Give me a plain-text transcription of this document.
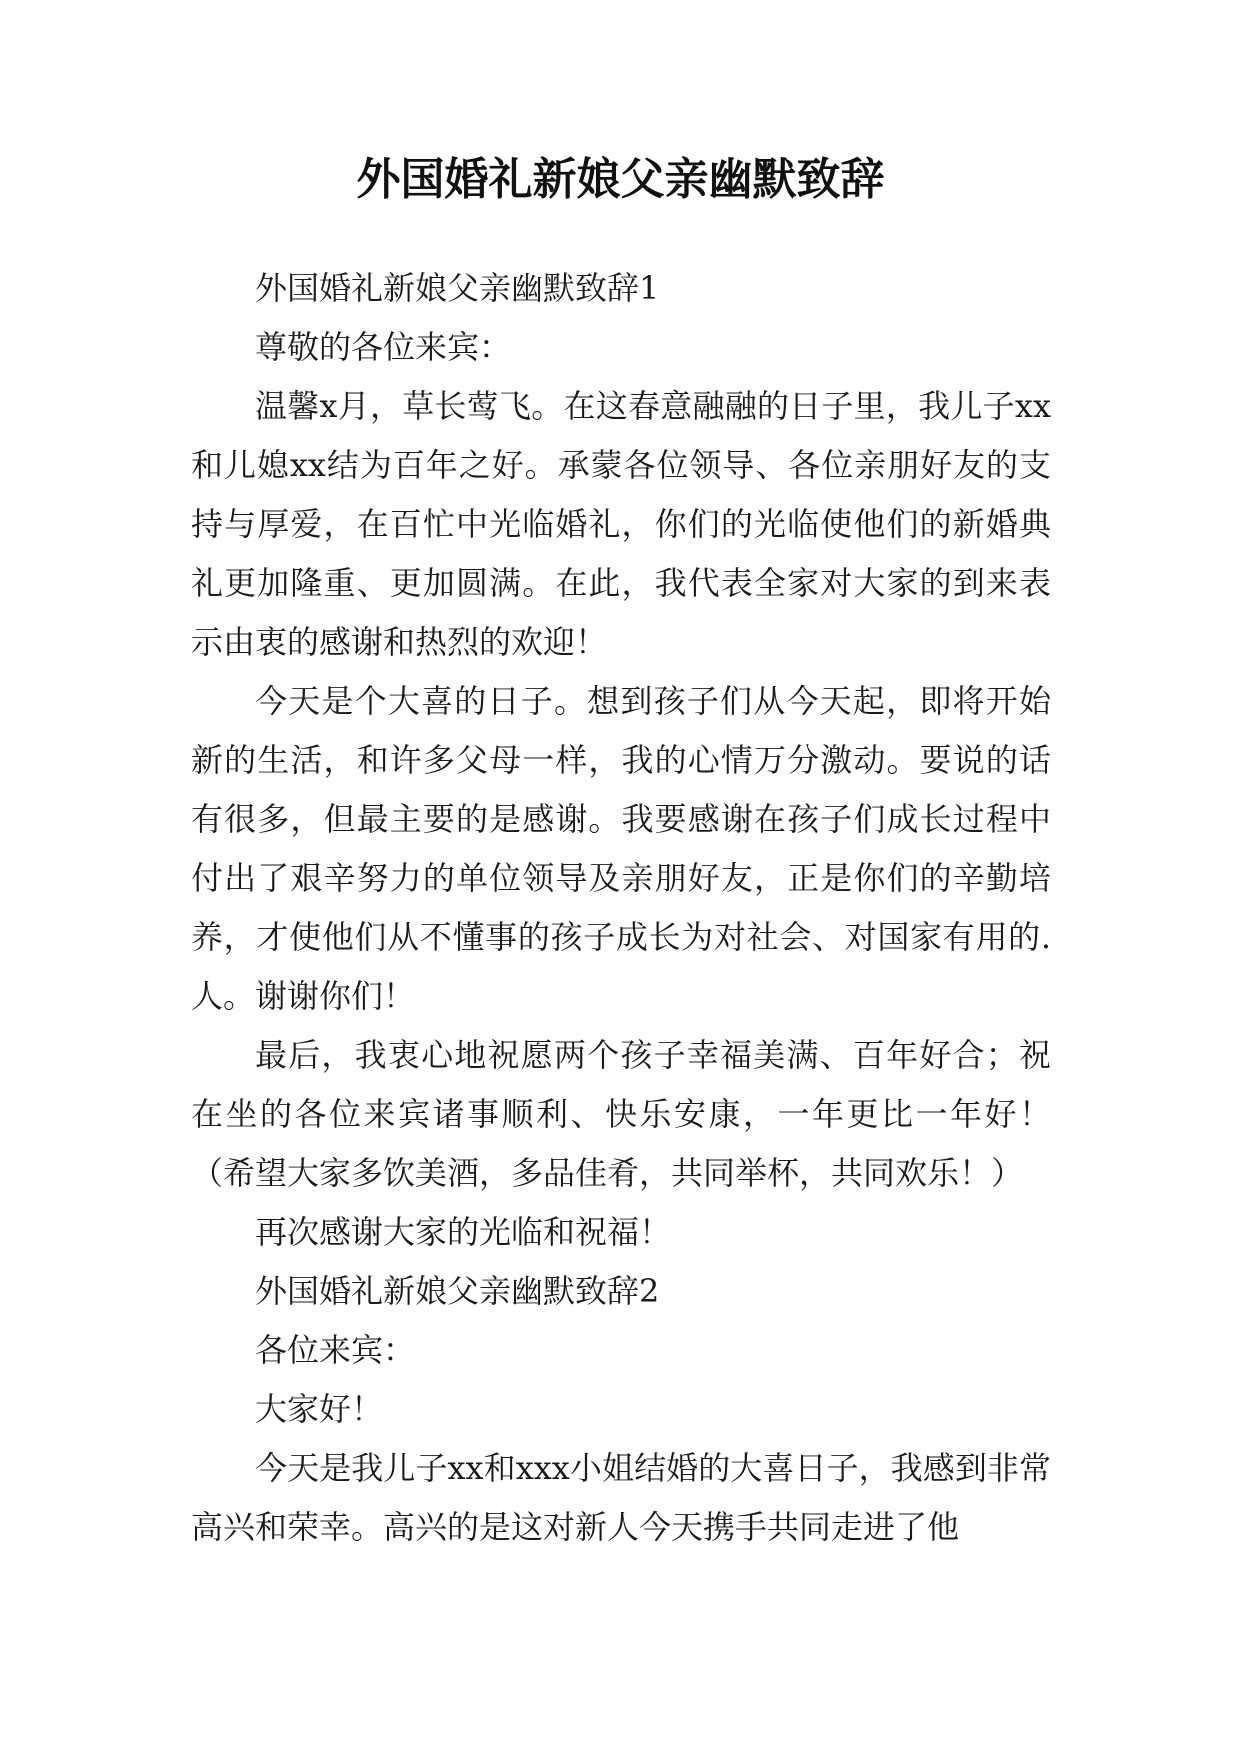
外国婚礼新娘父亲幽默致辞

外国婚礼新娘父亲幽默致辞1

尊敬的各位来宾：

温馨x月，草长莺飞。在这春意融融的日子里，我儿子xx和儿媳xx结为百年之好。承蒙各位领导、各位亲朋好友的支持与厚爱，在百忙中光临婚礼，你们的光临使他们的新婚典礼更加隆重、更加圆满。在此，我代表全家对大家的到来表示由衷的感谢和热烈的欢迎！

今天是个大喜的日子。想到孩子们从今天起，即将开始新的生活，和许多父母一样，我的心情万分激动。要说的话有很多，但最主要的是感谢。我要感谢在孩子们成长过程中付出了艰辛努力的单位领导及亲朋好友，正是你们的辛勤培养，才使他们从不懂事的孩子成长为对社会、对国家有用的.人。谢谢你们！

最后，我衷心地祝愿两个孩子幸福美满、百年好合；祝在坐的各位来宾诸事顺利、快乐安康，一年更比一年好！（希望大家多饮美酒，多品佳肴，共同举杯，共同欢乐！）

再次感谢大家的光临和祝福！

外国婚礼新娘父亲幽默致辞2

各位来宾：

大家好！

今天是我儿子xx和xxx小姐结婚的大喜日子，我感到非常高兴和荣幸。高兴的是这对新人今天携手共同走进了他
